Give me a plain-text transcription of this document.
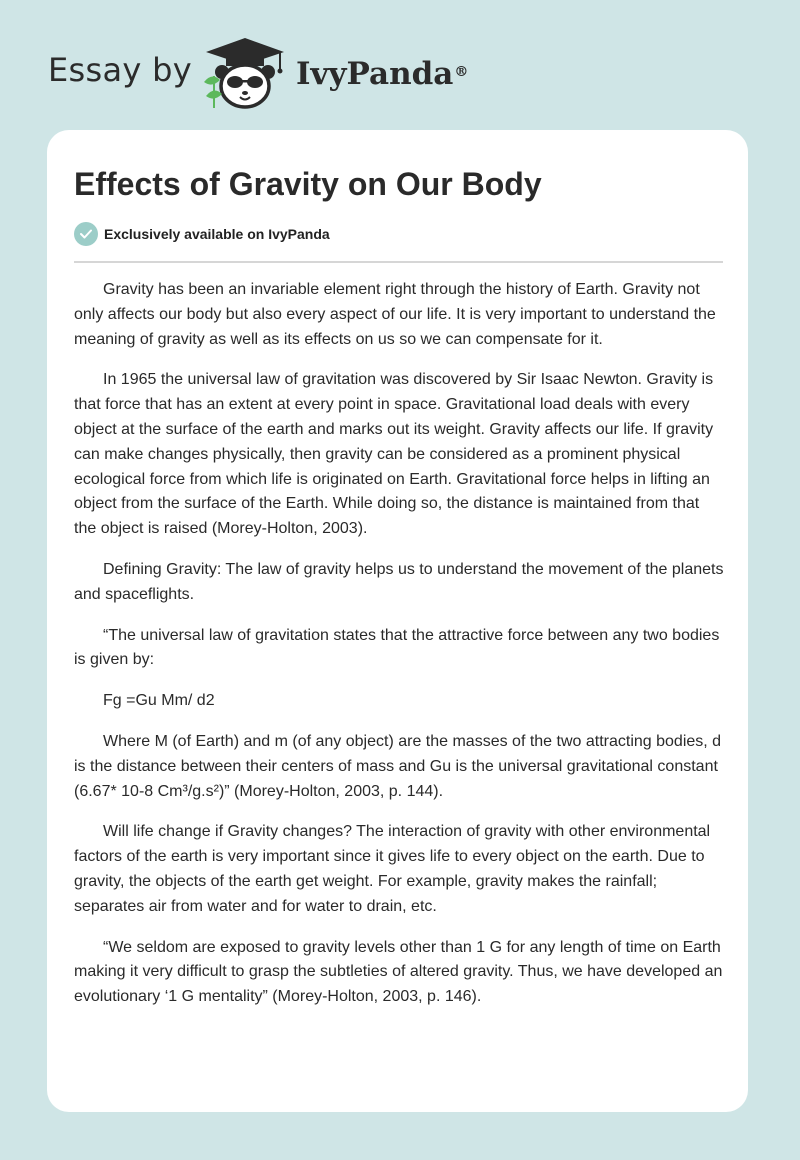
Essay by	IvyPanda®
Effects of Gravity on Our Body
Exclusively available on IvyPanda

Gravity has been an invariable element right through the history of Earth. Gravity not only affects our body but also every aspect of our life. It is very important to understand the meaning of gravity as well as its effects on us so we can compensate for it.

In 1965 the universal law of gravitation was discovered by Sir Isaac Newton. Gravity is that force that has an extent at every point in space. Gravitational load deals with every object at the surface of the earth and marks out its weight. Gravity affects our life. If gravity can make changes physically, then gravity can be considered as a prominent physical ecological force from which life is originated on Earth. Gravitational force helps in lifting an object from the surface of the Earth. While doing so, the distance is maintained from that the object is raised (Morey-Holton, 2003).

Defining Gravity: The law of gravity helps us to understand the movement of the planets and spaceflights.

“The universal law of gravitation states that the attractive force between any two bodies is given by:

Fg =Gu Mm/ d2

Where M (of Earth) and m (of any object) are the masses of the two attracting bodies, d is the distance between their centers of mass and Gu is the universal gravitational constant (6.67* 10-8 Cm³/g.s²)” (Morey-Holton, 2003, p. 144).

Will life change if Gravity changes? The interaction of gravity with other environmental factors of the earth is very important since it gives life to every object on the earth. Due to gravity, the objects of the earth get weight. For example, gravity makes the rainfall; separates air from water and for water to drain, etc.

“We seldom are exposed to gravity levels other than 1 G for any length of time on Earth making it very difficult to grasp the subtleties of altered gravity. Thus, we have developed an evolutionary ‘1 G mentality” (Morey-Holton, 2003, p. 146).
